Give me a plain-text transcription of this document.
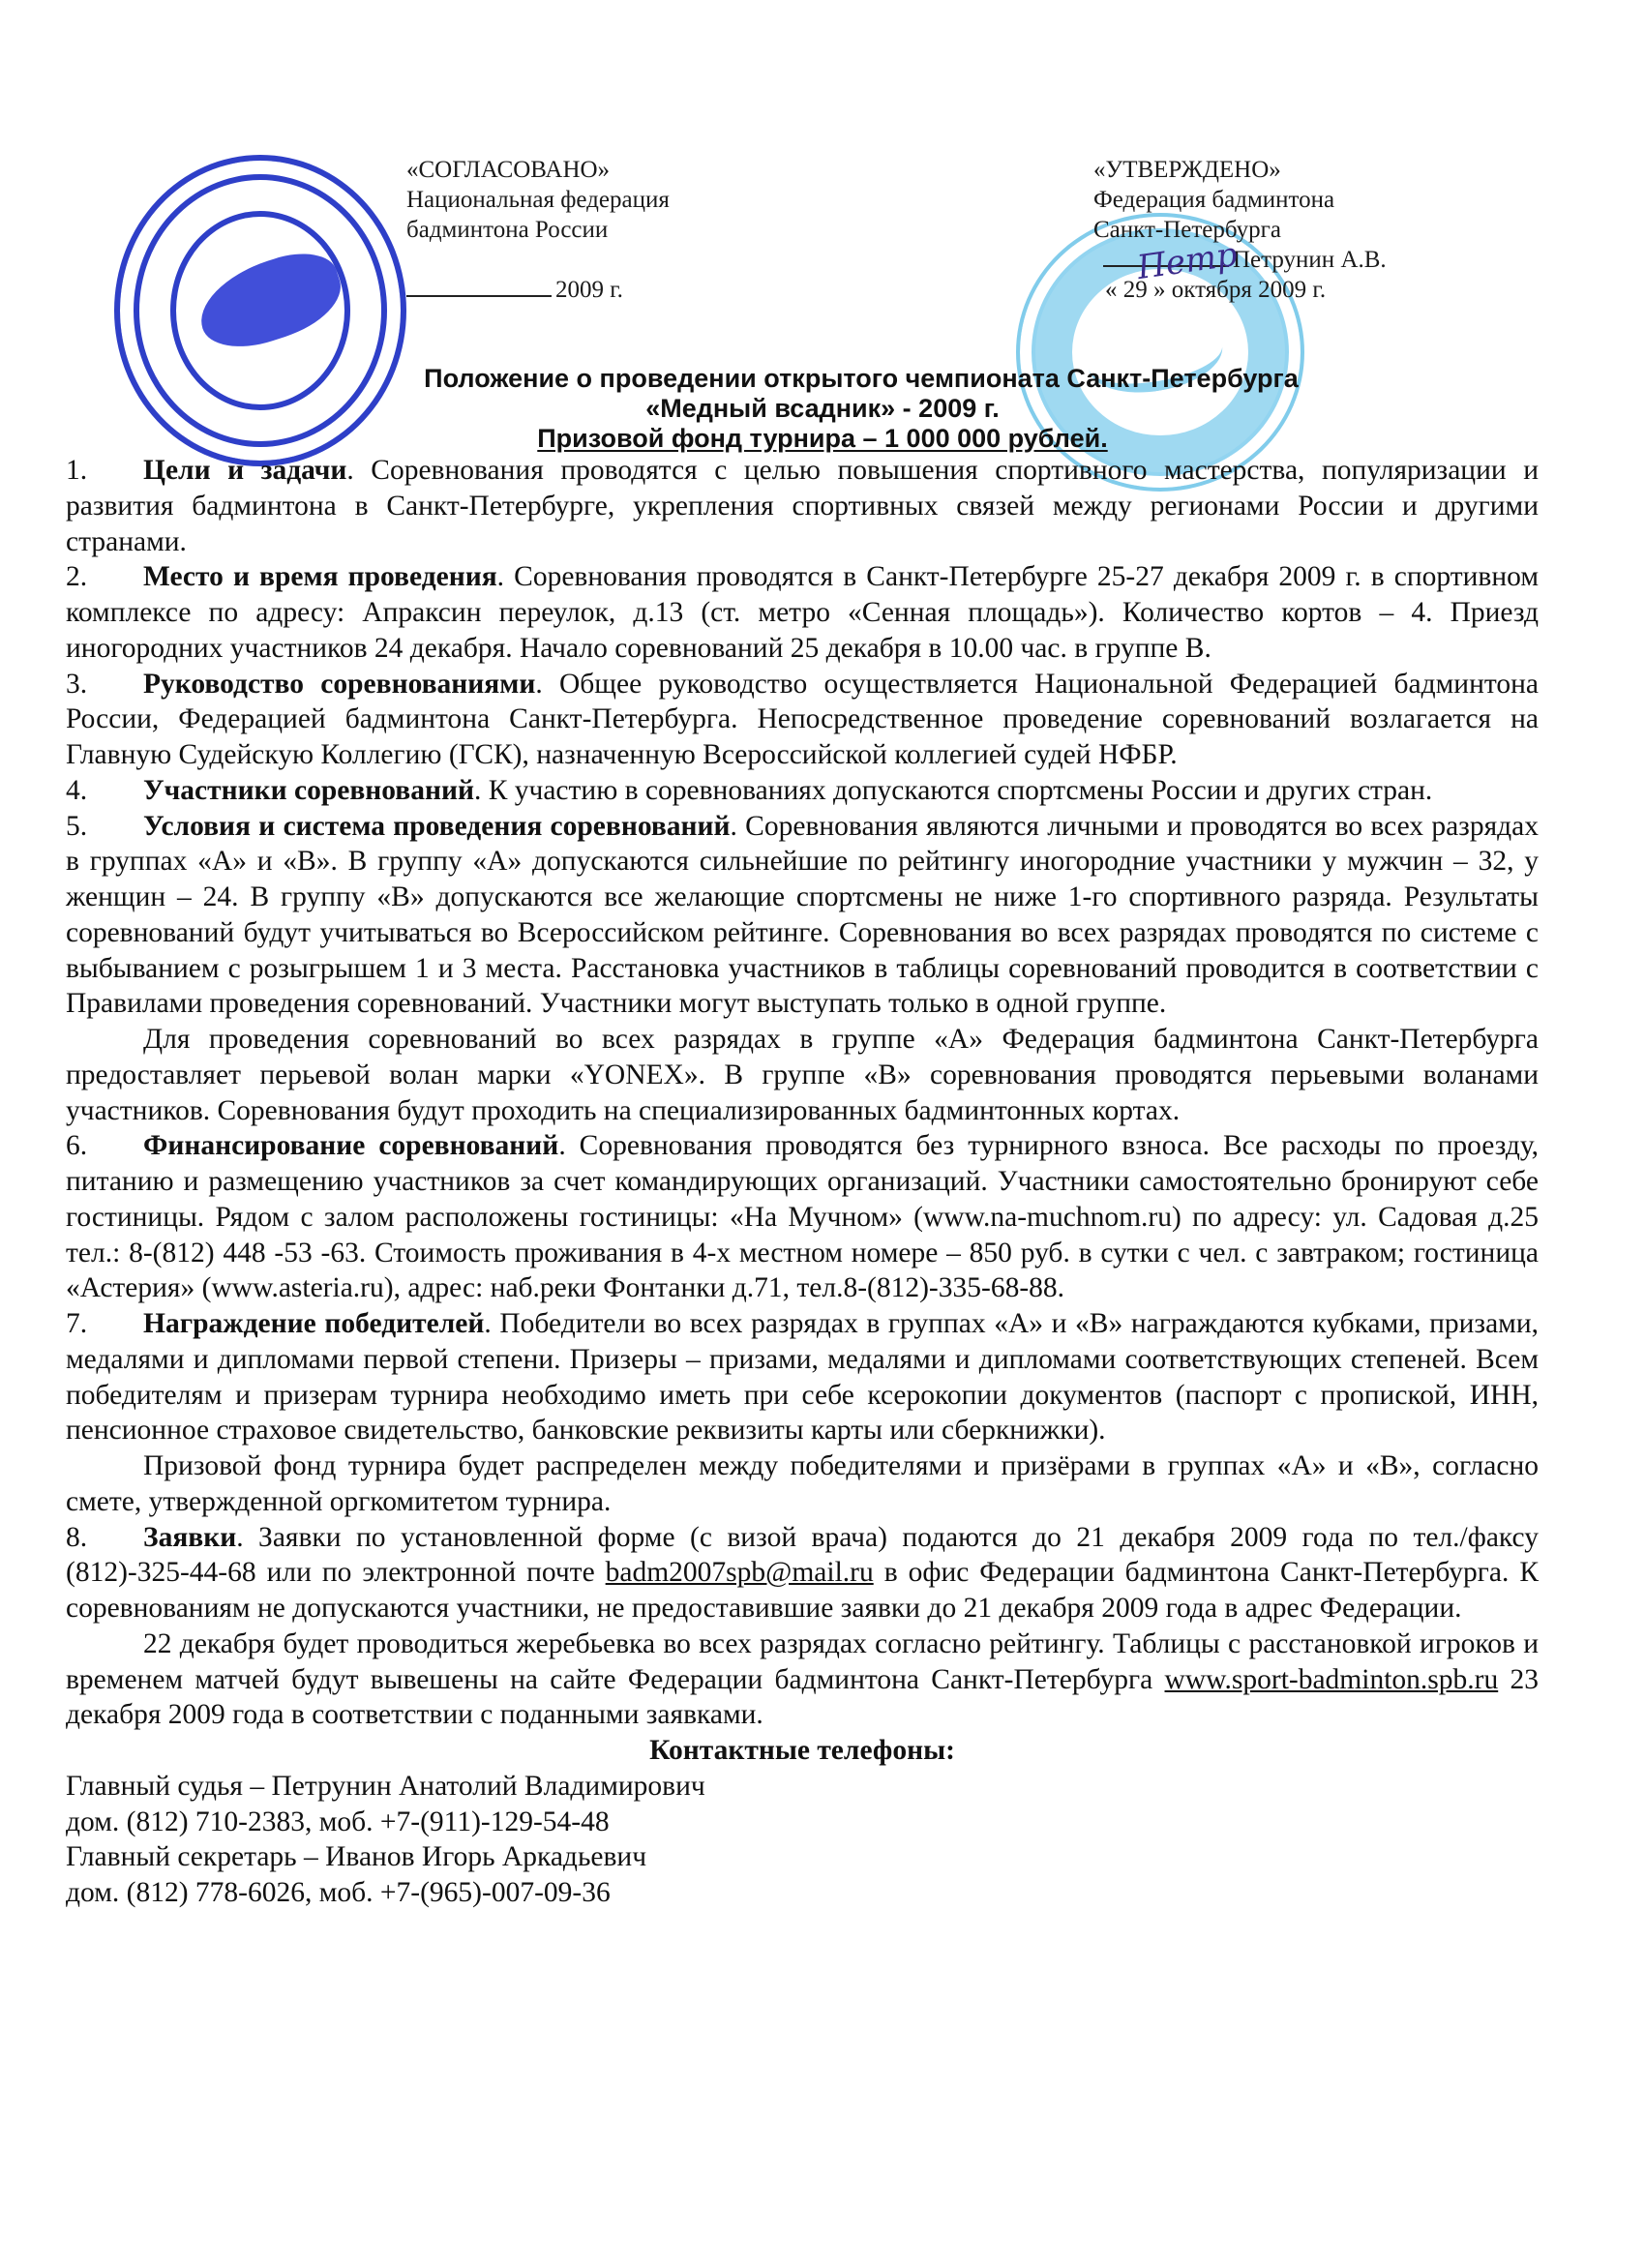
«СОГЛАСОВАНО»
Национальная федерация
бадминтона России
2009 г.
«УТВЕРЖДЕНО»
Федерация бадминтона
Санкт-Петербурга
Петрунин А.В.
« 29 » октября 2009 г.
Петр
Положение о проведении открытого чемпионата Санкт-Петербурга
«Медный всадник» - 2009 г.
Призовой фонд турнира – 1 000 000 рублей.

1. Цели и задачи. Соревнования проводятся с целью повышения спортивного мастерства, популяризации и развития бадминтона в Санкт-Петербурге, укрепления спортивных связей между регионами России и другими странами.

2. Место и время проведения. Соревнования проводятся в Санкт-Петербурге 25-27 декабря 2009 г. в спортивном комплексе по адресу: Апраксин переулок, д.13 (ст. метро «Сенная площадь»). Количество кортов – 4. Приезд иногородних участников 24 декабря. Начало соревнований 25 декабря в 10.00 час. в группе В.

3. Руководство соревнованиями. Общее руководство осуществляется Национальной Федерацией бадминтона России, Федерацией бадминтона Санкт-Петербурга. Непосредственное проведение соревнований возлагается на Главную Судейскую Коллегию (ГСК), назначенную Всероссийской коллегией судей НФБР.

4. Участники соревнований. К участию в соревнованиях допускаются спортсмены России и других стран.

5. Условия и система проведения соревнований. Соревнования являются личными и проводятся во всех разрядах в группах «А» и «В». В группу «А» допускаются сильнейшие по рейтингу иногородние участники у мужчин – 32, у женщин – 24. В группу «В» допускаются все желающие спортсмены не ниже 1-го спортивного разряда. Результаты соревнований будут учитываться во Всероссийском рейтинге. Соревнования во всех разрядах проводятся по системе с выбыванием с розыгрышем 1 и 3 места. Расстановка участников в таблицы соревнований проводится в соответствии с Правилами проведения соревнований. Участники могут выступать только в одной группе.

Для проведения соревнований во всех разрядах в группе «А» Федерация бадминтона Санкт-Петербурга предоставляет перьевой волан марки «YONEX». В группе «В» соревнования проводятся перьевыми воланами участников. Соревнования будут проходить на специализированных бадминтонных кортах.

6. Финансирование соревнований. Соревнования проводятся без турнирного взноса. Все расходы по проезду, питанию и размещению участников за счет командирующих организаций. Участники самостоятельно бронируют себе гостиницы. Рядом с залом расположены гостиницы: «На Мучном» (www.na-muchnom.ru) по адресу: ул. Садовая д.25 тел.: 8-(812) 448 -53 -63. Стоимость проживания в 4-х местном номере – 850 руб. в сутки с чел. с завтраком; гостиница «Астерия» (www.asteria.ru), адрес: наб.реки Фонтанки д.71, тел.8-(812)-335-68-88.

7. Награждение победителей. Победители во всех разрядах в группах «А» и «В» награждаются кубками, призами, медалями и дипломами первой степени. Призеры – призами, медалями и дипломами соответствующих степеней. Всем победителям и призерам турнира необходимо иметь при себе ксерокопии документов (паспорт с пропиской, ИНН, пенсионное страховое свидетельство, банковские реквизиты карты или сберкнижки).

Призовой фонд турнира будет распределен между победителями и призёрами в группах «А» и «В», согласно смете, утвержденной оргкомитетом турнира.

8. Заявки. Заявки по установленной форме (с визой врача) подаются до 21 декабря 2009 года по тел./факсу (812)-325-44-68 или по электронной почте badm2007spb@mail.ru в офис Федерации бадминтона Санкт-Петербурга. К соревнованиям не допускаются участники, не предоставившие заявки до 21 декабря 2009 года в адрес Федерации.

22 декабря будет проводиться жеребьевка во всех разрядах согласно рейтингу. Таблицы с расстановкой игроков и временем матчей будут вывешены на сайте Федерации бадминтона Санкт-Петербурга www.sport-badminton.spb.ru 23 декабря 2009 года в соответствии с поданными заявками.

Контактные телефоны:

Главный судья – Петрунин Анатолий Владимирович

дом. (812) 710-2383, моб. +7-(911)-129-54-48

Главный секретарь – Иванов Игорь Аркадьевич

дом. (812) 778-6026, моб. +7-(965)-007-09-36
